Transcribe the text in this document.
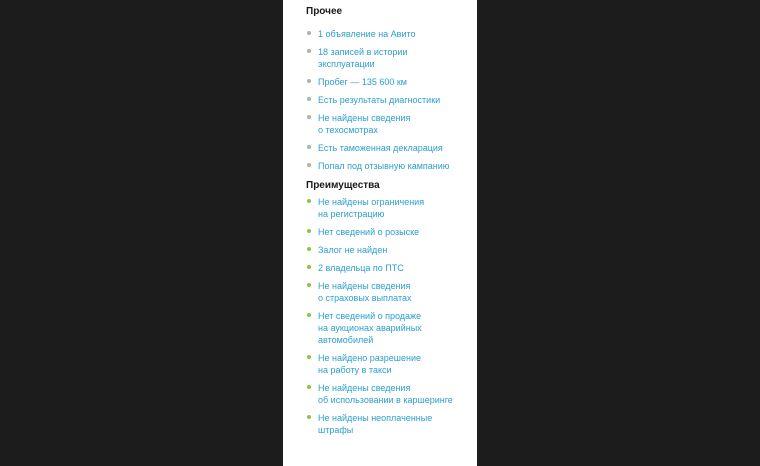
Прочее
1 объявление на Авито
18 записей в истории
эксплуатации
Пробег — 135 600 км
Есть результаты диагностики
Не найдены сведения
о техосмотрах
Есть таможенная декларация
Попал под отзывную кампанию
Преимущества
Не найдены ограничения
на регистрацию
Нет сведений о розыске
Залог не найден
2 владельца по ПТС
Не найдены сведения
о страховых выплатах
Нет сведений о продаже
на аукционах аварийных
автомобилей
Не найдено разрешение
на работу в такси
Не найдены сведения
об использовании в каршеринге
Не найдены неоплаченные
штрафы
